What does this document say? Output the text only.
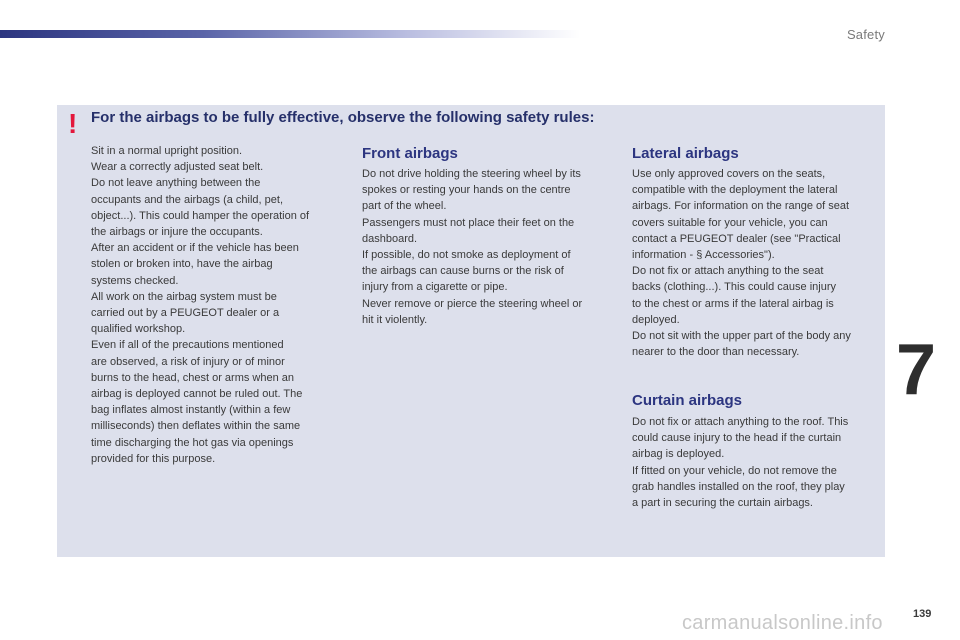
Safety
! For the airbags to be fully effective, observe the following safety rules:
Sit in a normal upright position.
Wear a correctly adjusted seat belt.
Do not leave anything between the
occupants and the airbags (a child, pet,
object...). This could hamper the operation of
the airbags or injure the occupants.
After an accident or if the vehicle has been
stolen or broken into, have the airbag
systems checked.
All work on the airbag system must be
carried out by a PEUGEOT dealer or a
qualified workshop.
Even if all of the precautions mentioned
are observed, a risk of injury or of minor
burns to the head, chest or arms when an
airbag is deployed cannot be ruled out. The
bag inflates almost instantly (within a few
milliseconds) then deflates within the same
time discharging the hot gas via openings
provided for this purpose.
Front airbags
Do not drive holding the steering wheel by its
spokes or resting your hands on the centre
part of the wheel.
Passengers must not place their feet on the
dashboard.
If possible, do not smoke as deployment of
the airbags can cause burns or the risk of
injury from a cigarette or pipe.
Never remove or pierce the steering wheel or
hit it violently.
Lateral airbags
Use only approved covers on the seats,
compatible with the deployment the lateral
airbags. For information on the range of seat
covers suitable for your vehicle, you can
contact a PEUGEOT dealer (see "Practical
information - § Accessories").
Do not fix or attach anything to the seat
backs (clothing...). This could cause injury
to the chest or arms if the lateral airbag is
deployed.
Do not sit with the upper part of the body any
nearer to the door than necessary.
Curtain airbags
Do not fix or attach anything to the roof. This
could cause injury to the head if the curtain
airbag is deployed.
If fitted on your vehicle, do not remove the
grab handles installed on the roof, they play
a part in securing the curtain airbags.
7
carmanualsonline.info	139
